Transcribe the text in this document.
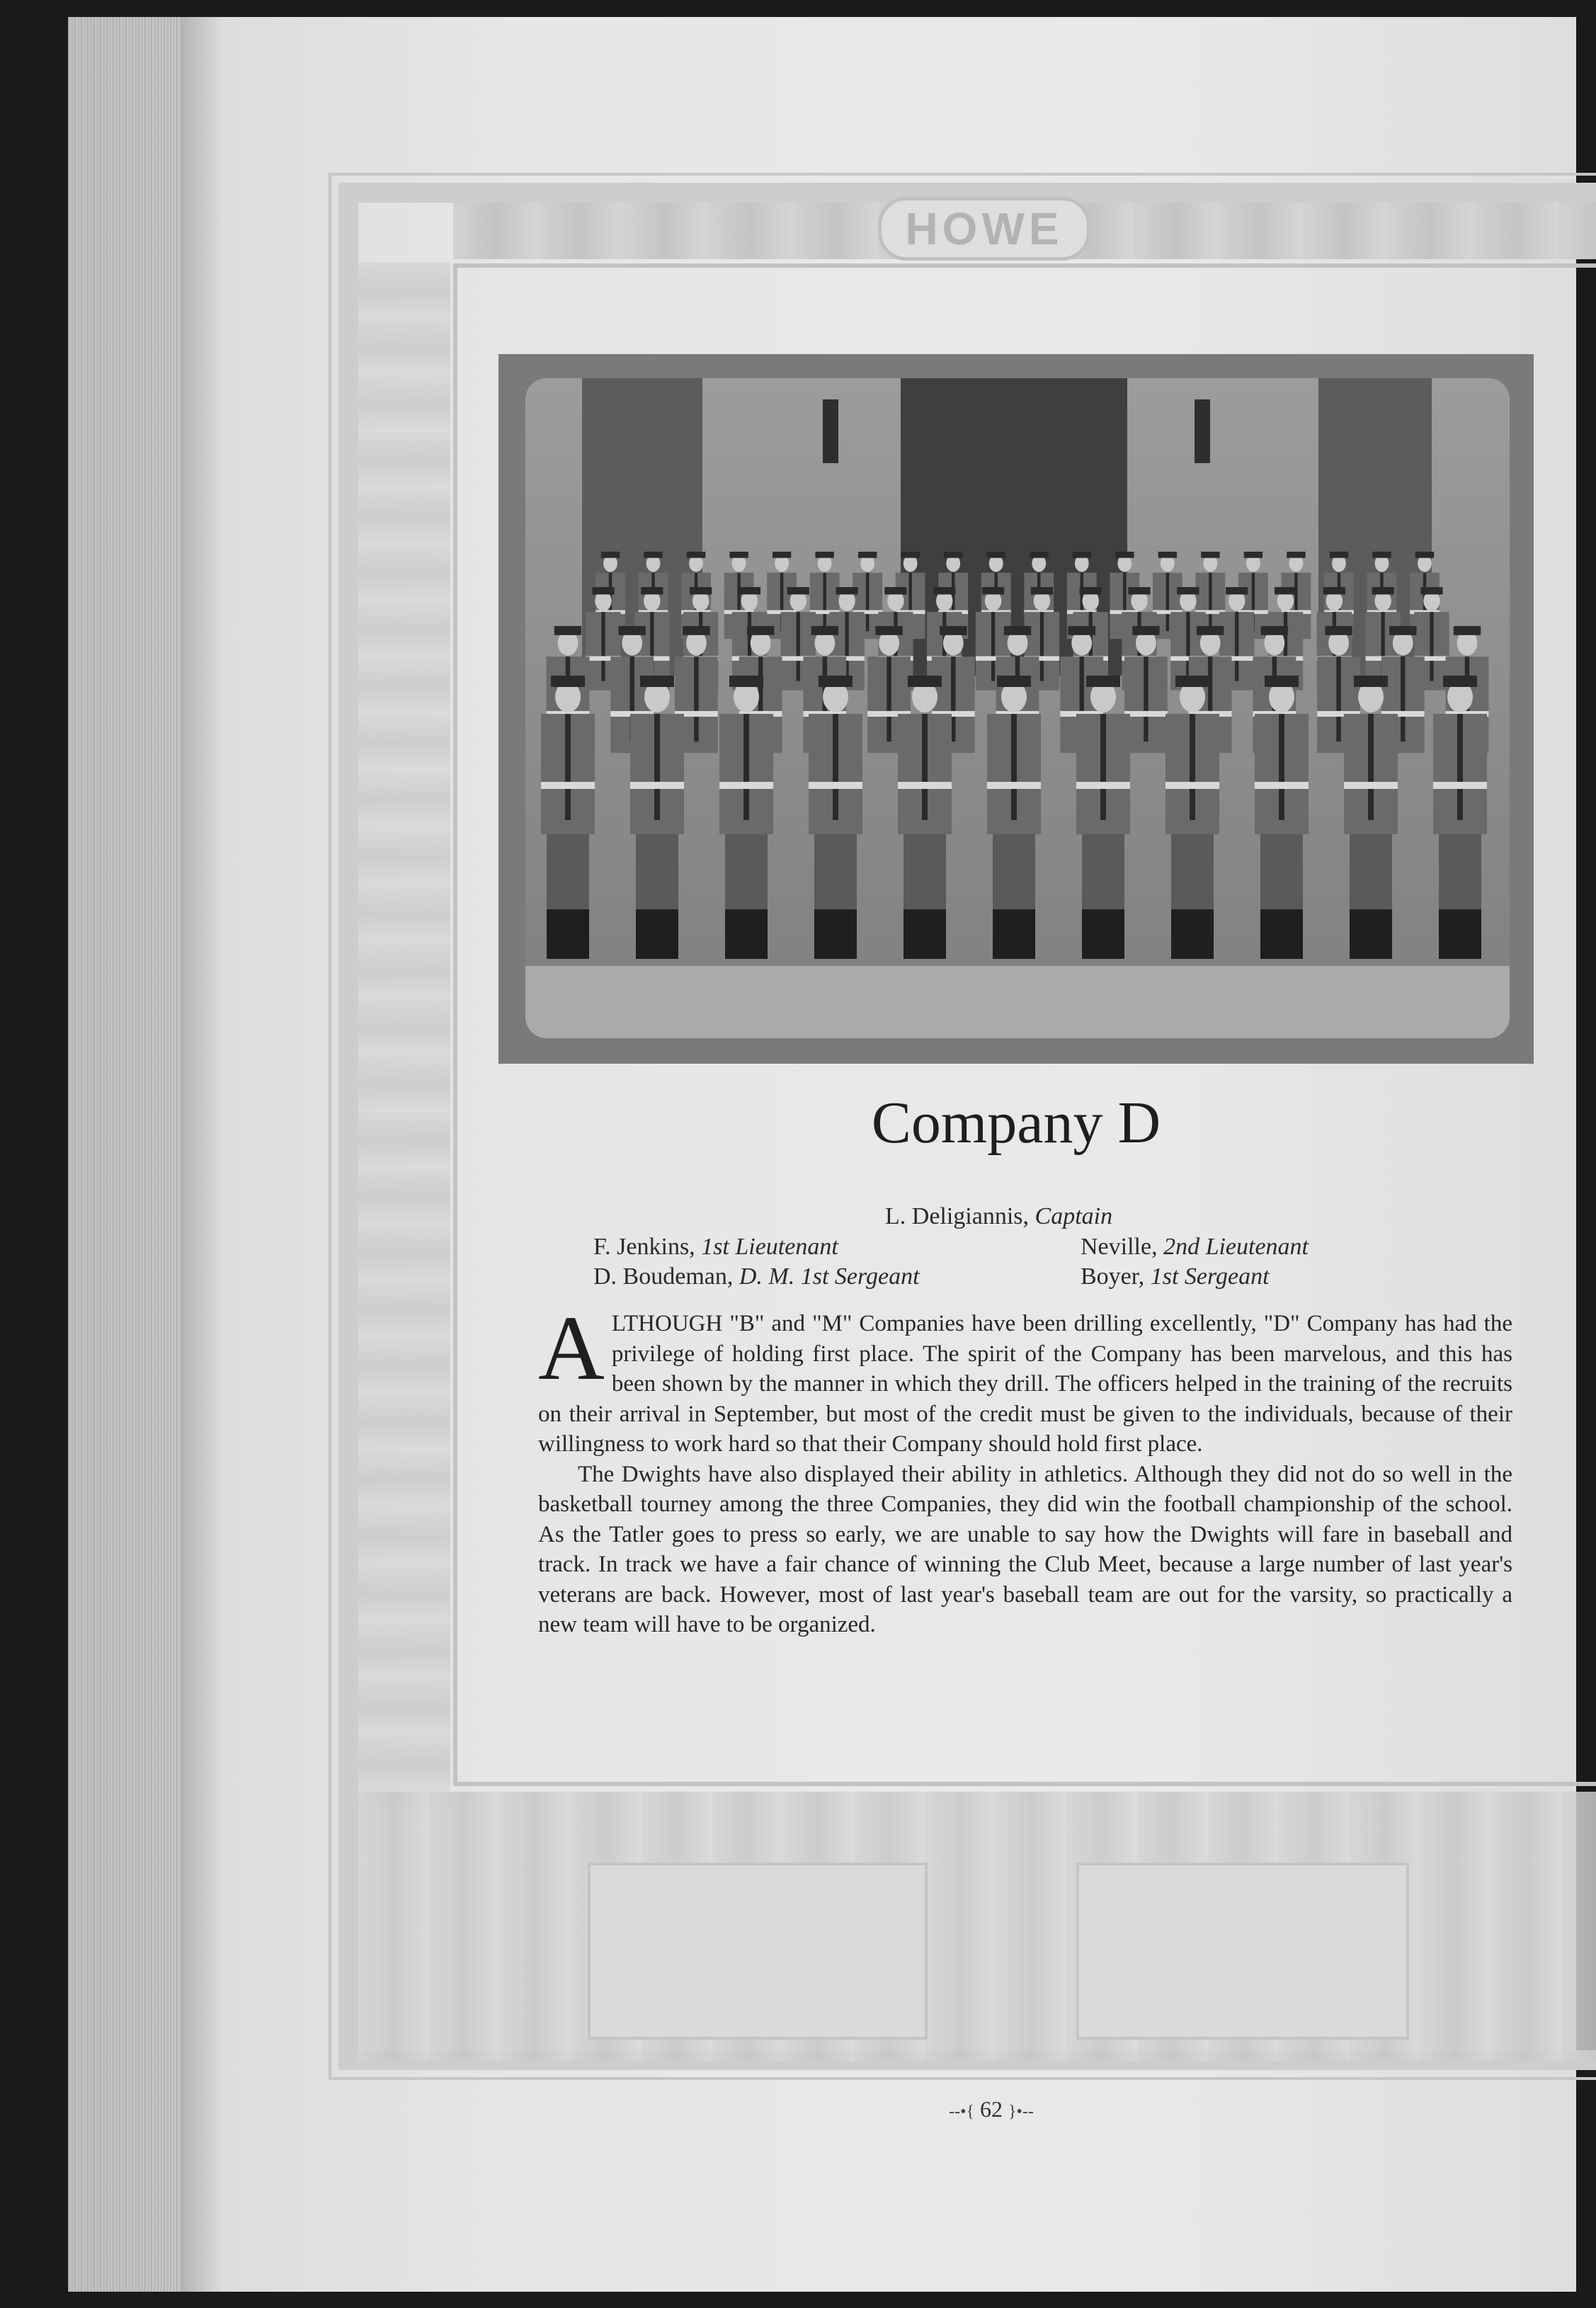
HOWE
Company D
L. Deligiannis, Captain
F. Jenkins, 1st Lieutenant
D. Boudeman, D. M. 1st Sergeant
Neville, 2nd Lieutenant
Boyer, 1st Sergeant

ALTHOUGH "B" and "M" Companies have been drilling excellently, "D" Company has had the privilege of holding first place. The spirit of the Company has been marvelous, and this has been shown by the manner in which they drill. The officers helped in the training of the recruits on their arrival in September, but most of the credit must be given to the individuals, because of their willingness to work hard so that their Company should hold first place.

The Dwights have also displayed their ability in athletics. Although they did not do so well in the basketball tourney among the three Companies, they did win the football championship of the school. As the Tatler goes to press so early, we are unable to say how the Dwights will fare in baseball and track. In track we have a fair chance of winning the Club Meet, because a large number of last year's veterans are back. However, most of last year's baseball team are out for the varsity, so practically a new team will have to be organized.

--•{ 62 }•--
